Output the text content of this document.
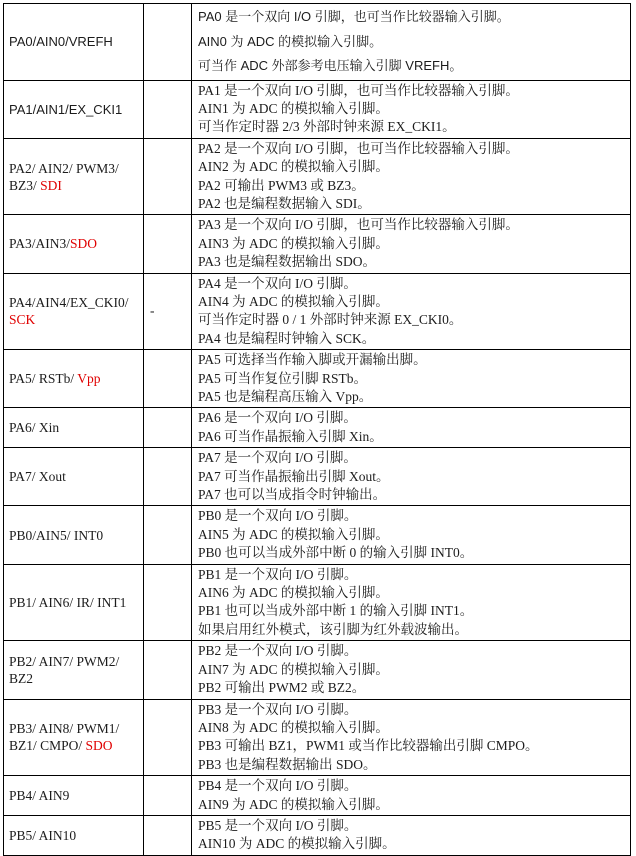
PA0/AIN0/VREFH		PA0 是一个双向 I/O 引脚，也可当作比较器输入引脚。
AIN0 为 ADC 的模拟输入引脚。
可当作 ADC 外部参考电压输入引脚 VREFH。

PA1/AIN1/EX_CKI1		PA1 是一个双向 I/O 引脚，也可当作比较器输入引脚。
AIN1 为 ADC 的模拟输入引脚。
可当作定时器 2/3 外部时钟来源 EX_CKI1。

PA2/ AIN2/ PWM3/ BZ3/ SDI		PA2 是一个双向 I/O 引脚，也可当作比较器输入引脚。
AIN2 为 ADC 的模拟输入引脚。
PA2 可输出 PWM3 或 BZ3。
PA2 也是编程数据输入 SDI。

PA3/AIN3/SDO		PA3 是一个双向 I/O 引脚，也可当作比较器输入引脚。
AIN3 为 ADC 的模拟输入引脚。
PA3 也是编程数据输出 SDO。

PA4/AIN4/EX_CKI0/ SCK	-	PA4 是一个双向 I/O 引脚。
AIN4 为 ADC 的模拟输入引脚。
可当作定时器 0 / 1 外部时钟来源 EX_CKI0。
PA4 也是编程时钟输入 SCK。

PA5/ RSTb/ Vpp		PA5 可选择当作输入脚或开漏输出脚。
PA5 可当作复位引脚 RSTb。
PA5 也是编程高压输入 Vpp。

PA6/ Xin		PA6 是一个双向 I/O 引脚。
PA6 可当作晶振输入引脚 Xin。

PA7/ Xout		PA7 是一个双向 I/O 引脚。
PA7 可当作晶振输出引脚 Xout。
PA7 也可以当成指令时钟输出。

PB0/AIN5/ INT0		PB0 是一个双向 I/O 引脚。
AIN5 为 ADC 的模拟输入引脚。
PB0 也可以当成外部中断 0 的输入引脚 INT0。

PB1/ AIN6/ IR/ INT1		PB1 是一个双向 I/O 引脚。
AIN6 为 ADC 的模拟输入引脚。
PB1 也可以当成外部中断 1 的输入引脚 INT1。
如果启用红外模式，该引脚为红外载波输出。

PB2/ AIN7/ PWM2/ BZ2		PB2 是一个双向 I/O 引脚。
AIN7 为 ADC 的模拟输入引脚。
PB2 可输出 PWM2 或 BZ2。

PB3/ AIN8/ PWM1/ BZ1/ CMPO/ SDO		PB3 是一个双向 I/O 引脚。
AIN8 为 ADC 的模拟输入引脚。
PB3 可输出 BZ1，PWM1 或当作比较器输出引脚 CMPO。
PB3 也是编程数据输出 SDO。

PB4/ AIN9		PB4 是一个双向 I/O 引脚。
AIN9 为 ADC 的模拟输入引脚。

PB5/ AIN10		PB5 是一个双向 I/O 引脚。
AIN10 为 ADC 的模拟输入引脚。
